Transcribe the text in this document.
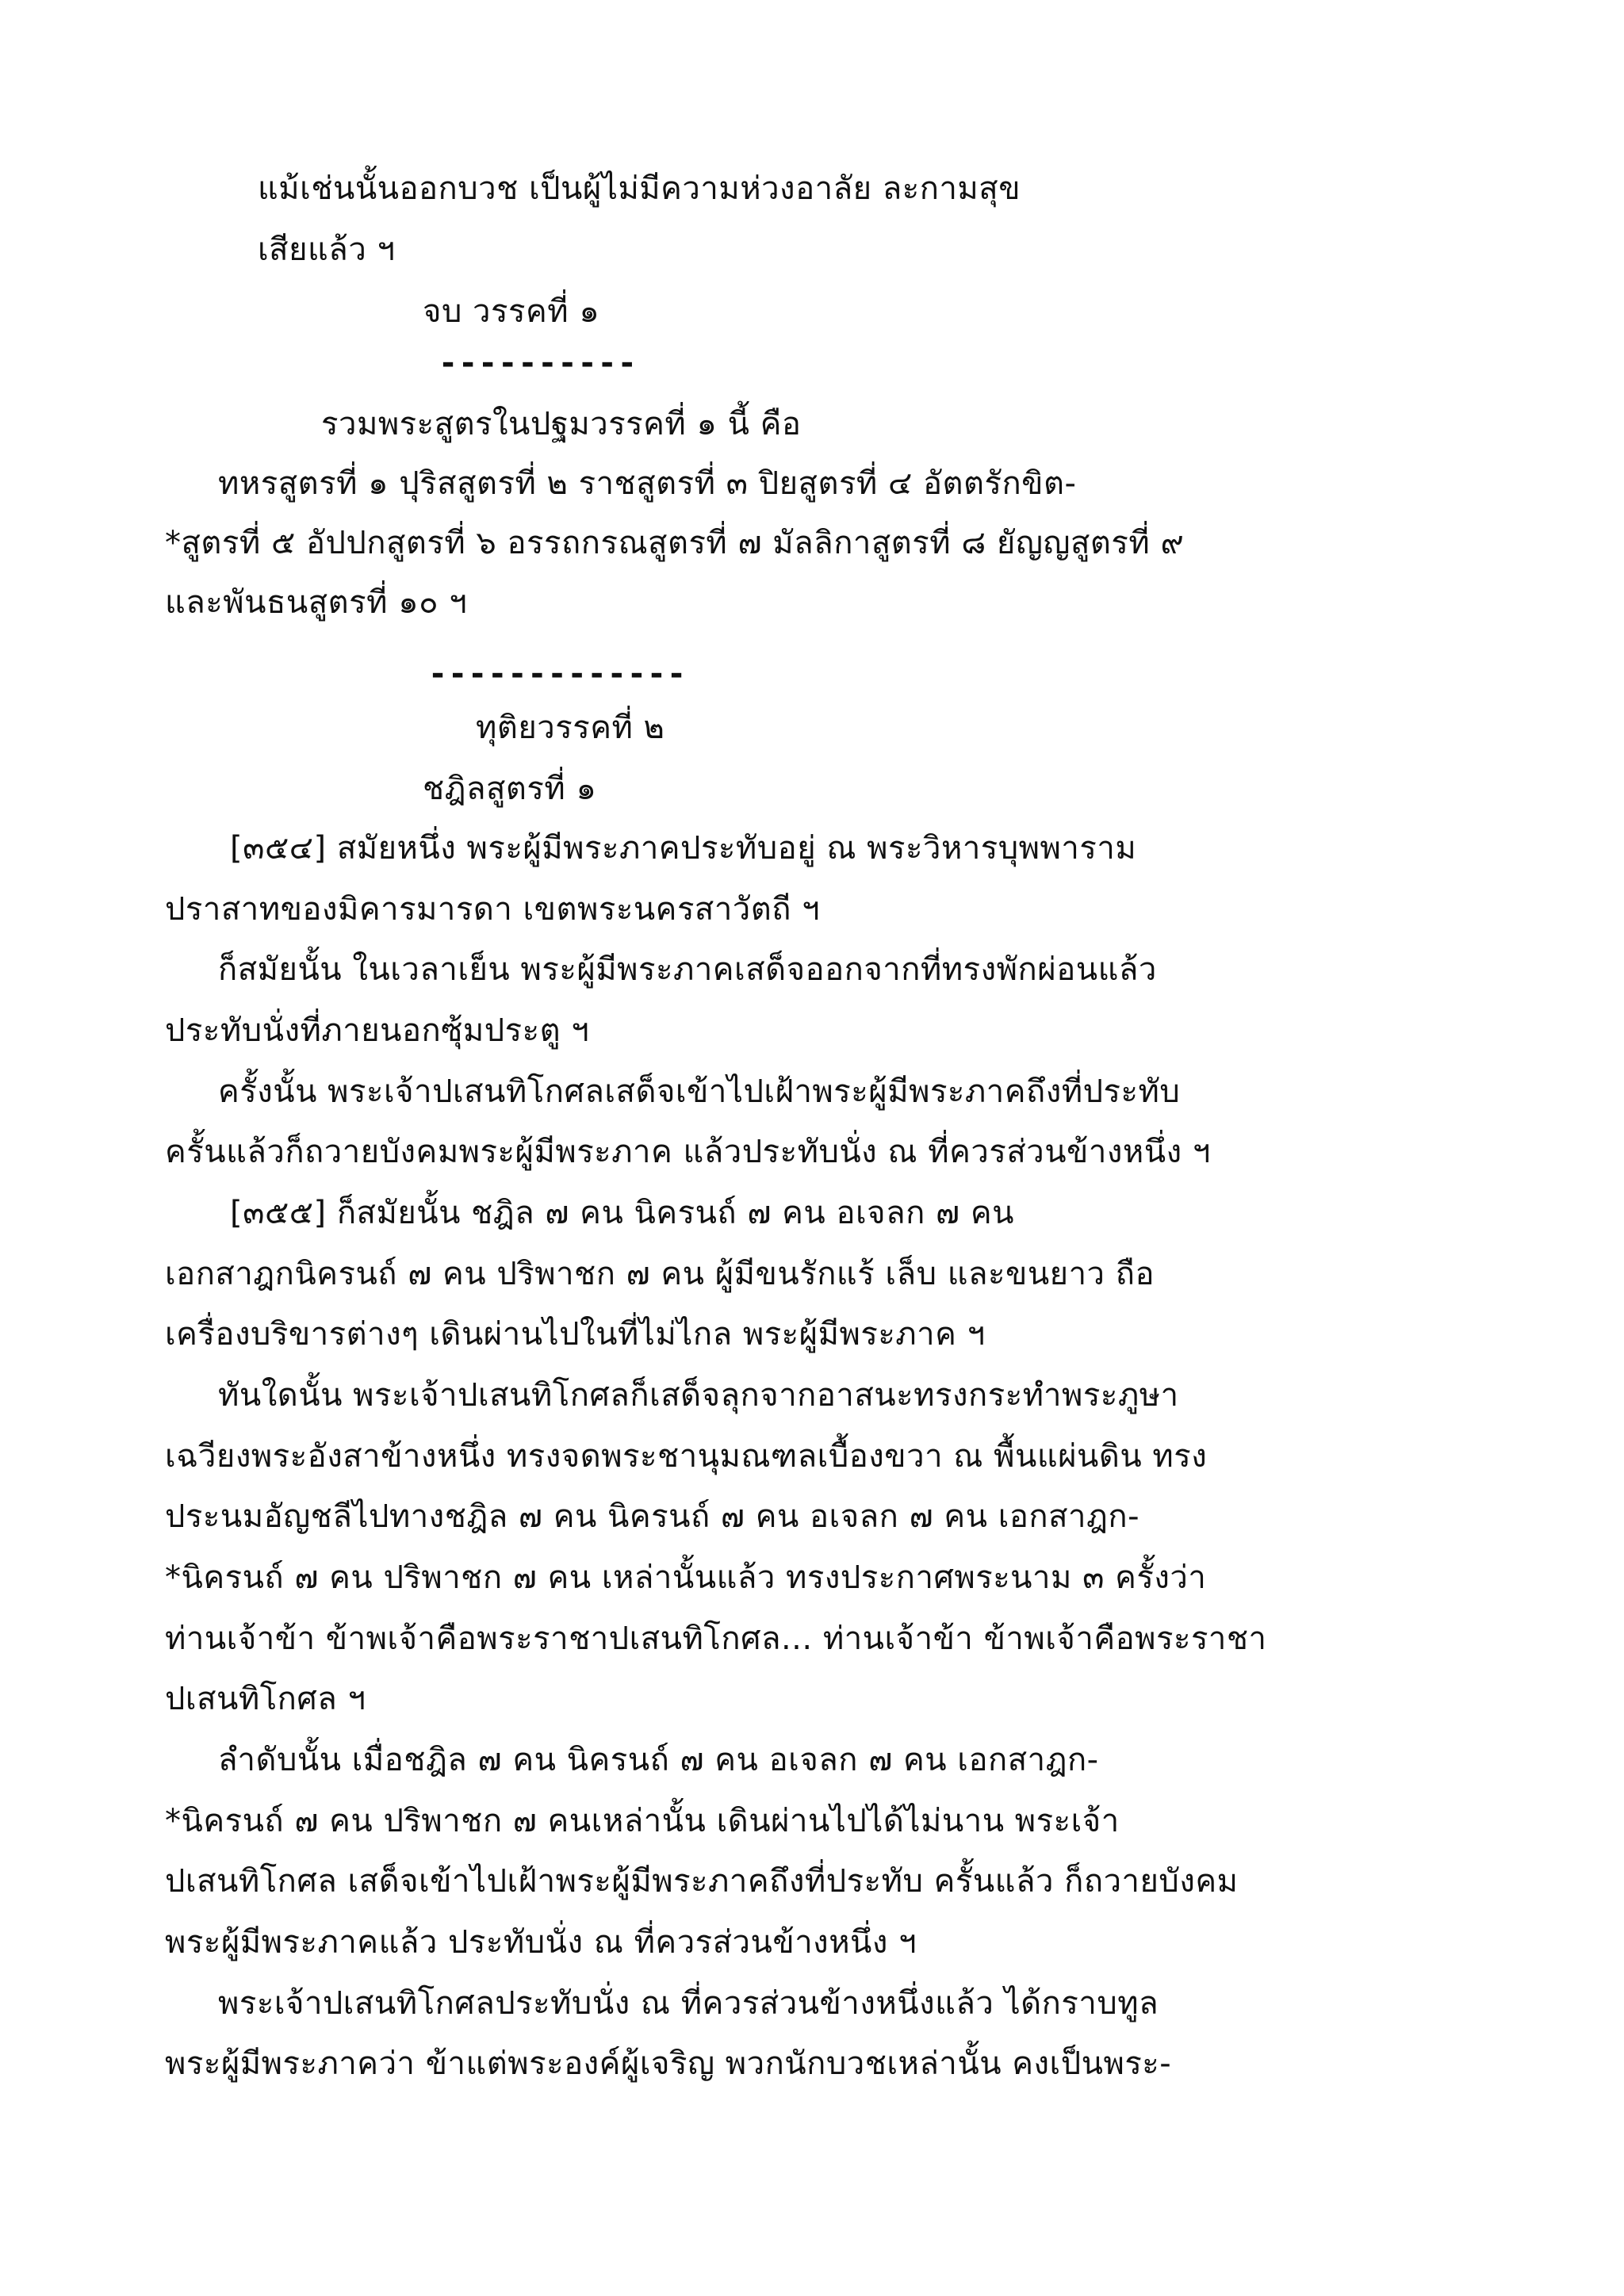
แม้เช่นนั้นออกบวช เป็นผู้ไม่มีความห่วงอาลัย ละกามสุข
เสียแล้ว ฯ
จบ วรรคที่ ๑
----------
รวมพระสูตรในปฐมวรรคที่ ๑ นี้ คือ
ทหรสูตรที่ ๑ ปุริสสูตรที่ ๒ ราชสูตรที่ ๓ ปิยสูตรที่ ๔ อัตตรักขิต-
*สูตรที่ ๕ อัปปกสูตรที่ ๖ อรรถกรณสูตรที่ ๗ มัลลิกาสูตรที่ ๘ ยัญญสูตรที่ ๙
และพันธนสูตรที่ ๑๐ ฯ
-------------
ทุติยวรรคที่ ๒
ชฎิลสูตรที่ ๑
[๓๕๔] สมัยหนึ่ง พระผู้มีพระภาคประทับอยู่ ณ พระวิหารบุพพาราม
ปราสาทของมิคารมารดา เขตพระนครสาวัตถี ฯ
ก็สมัยนั้น ในเวลาเย็น พระผู้มีพระภาคเสด็จออกจากที่ทรงพักผ่อนแล้ว
ประทับนั่งที่ภายนอกซุ้มประตู ฯ
ครั้งนั้น พระเจ้าปเสนทิโกศลเสด็จเข้าไปเฝ้าพระผู้มีพระภาคถึงที่ประทับ
ครั้นแล้วก็ถวายบังคมพระผู้มีพระภาค แล้วประทับนั่ง ณ ที่ควรส่วนข้างหนึ่ง ฯ
[๓๕๕] ก็สมัยนั้น ชฎิล ๗ คน นิครนถ์ ๗ คน อเจลก ๗ คน
เอกสาฎกนิครนถ์ ๗ คน ปริพาชก ๗ คน ผู้มีขนรักแร้ เล็บ และขนยาว ถือ
เครื่องบริขารต่างๆ เดินผ่านไปในที่ไม่ไกล พระผู้มีพระภาค ฯ
ทันใดนั้น พระเจ้าปเสนทิโกศลก็เสด็จลุกจากอาสนะทรงกระทำพระภูษา
เฉวียงพระอังสาข้างหนึ่ง ทรงจดพระชานุมณฑลเบื้องขวา ณ พื้นแผ่นดิน ทรง
ประนมอัญชลีไปทางชฎิล ๗ คน นิครนถ์ ๗ คน อเจลก ๗ คน เอกสาฎก-
*นิครนถ์ ๗ คน ปริพาชก ๗ คน เหล่านั้นแล้ว ทรงประกาศพระนาม ๓ ครั้งว่า
ท่านเจ้าข้า ข้าพเจ้าคือพระราชาปเสนทิโกศล... ท่านเจ้าข้า ข้าพเจ้าคือพระราชา
ปเสนทิโกศล ฯ
ลำดับนั้น เมื่อชฎิล ๗ คน นิครนถ์ ๗ คน อเจลก ๗ คน เอกสาฎก-
*นิครนถ์ ๗ คน ปริพาชก ๗ คนเหล่านั้น เดินผ่านไปได้ไม่นาน พระเจ้า
ปเสนทิโกศล เสด็จเข้าไปเฝ้าพระผู้มีพระภาคถึงที่ประทับ ครั้นแล้ว ก็ถวายบังคม
พระผู้มีพระภาคแล้ว ประทับนั่ง ณ ที่ควรส่วนข้างหนึ่ง ฯ
พระเจ้าปเสนทิโกศลประทับนั่ง ณ ที่ควรส่วนข้างหนึ่งแล้ว ได้กราบทูล
พระผู้มีพระภาคว่า ข้าแต่พระองค์ผู้เจริญ พวกนักบวชเหล่านั้น คงเป็นพระ-
